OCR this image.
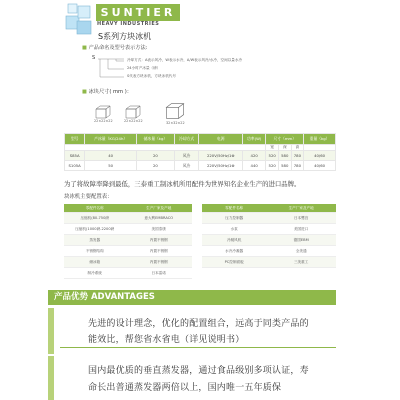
SUNTIER
HEAVY INDUSTRIES
S系列方块冰机
■ 产品命名及型号表示方法:
S	冷却方式：A表示风冷，W表示水冷，A/W表示风冷/水冷，空间以量水冷
24小时产冰量（磅）
S代表方块冰机，方块冰机代号
■ 冰块尺寸( mm )：
22×22×22	22×22×22	32×32×22
型号	产冰量（KG/24h）	储冰量（kg）	冷却方式	电源	功率(W)	尺寸（mm）			重量（kg）
						宽	深	高	
S85A	40	20	风冷	220V/50Hz/1Φ	420	520	580	780	40/60
S105A	50	20	风冷	220V/50Hz/1Φ	440	520	580	780	40/60
为了将故障率降到最低，三泰重工制冰机所用配件为世界知名企业生产的进口品牌。
块冰机主要配置表：
零配件名称	生产厂家及产地
压缩机(80-750磅	意大利EMBRACO
压缩机(1000磅-2200磅	美国泰康
蒸发器	内置不锈钢
不锈钢结构	内置不锈钢
储冰箱	内置不锈钢
制冷系统	日本雷诺
零配件名称	生产厂家及产地
压力控制器	日本鹭宫
水泵	美国进口
冷凝风机	德国EBM
水冷冷凝器	全美通
PC控制面板	三美重工
产品优势 ADVANTAGES
先进的设计理念，优化的配置组合，远高于同类产品的
能效比，帮您省水省电（详见说明书）
国内最优质的垂直蒸发器，通过食品级别多项认证，寿
命长出普通蒸发器两倍以上，国内唯一五年质保
